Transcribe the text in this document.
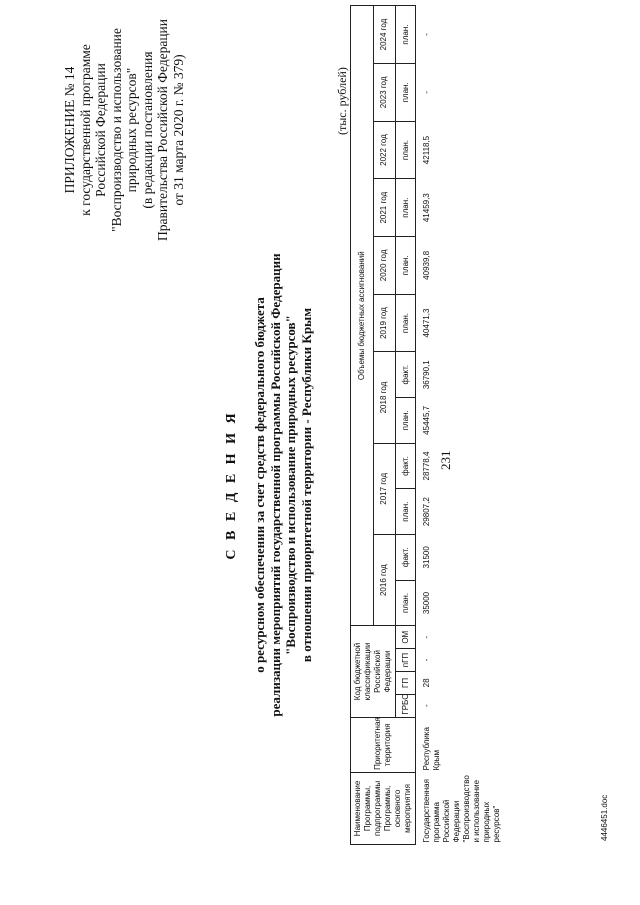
231
ПРИЛОЖЕНИЕ № 14 к государственной программе Российской Федерации "Воспроизводство и использование природных ресурсов" (в редакции постановления Правительства Российской Федерации от 31 марта 2020 г. № 379)
С В Е Д Е Н И Я о ресурсном обеспечении за счет средств федерального бюджета реализации мероприятий государственной программы Российской Федерации "Воспроизводство и использование природных ресурсов" в отношении приоритетной территории - Республики Крым
(тыс. рублей)
Наименование Программы, подпрограммы Программы, основного мероприятия	Приоритетная территория	Код бюджетной классификации Российской Федерации				Объемы бюджетных ассигнований											
						2016 год		2017 год		2018 год		2019 год	2020 год	2021 год	2022 год	2023 год	2024 год
		ГРБС	ГП	пГП	ОМ	план.	факт.	план.	факт.	план.	факт.	план.	план.	план.	план.	план.	план.

Государственная программа Российской Федерации "Воспроизводство и использование природных ресурсов"	Республика Крым	-	28	-	-	35000	31500	29807,2	28778,4	45445,7	36790,1	40471,3	40939,8	41459,3	42118,5	-	-
4446451.doc
